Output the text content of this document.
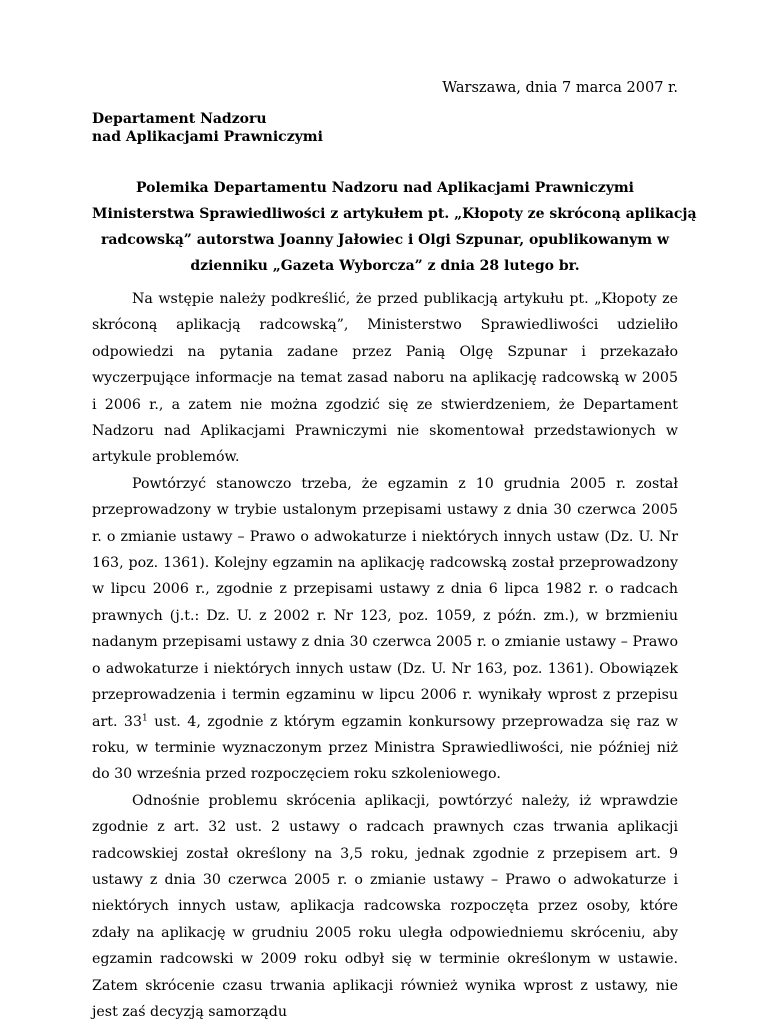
Warszawa, dnia 7 marca 2007 r.
Departament Nadzoru
nad Aplikacjami Prawniczymi
Polemika Departamentu Nadzoru nad Aplikacjami Prawniczymi
Ministerstwa Sprawiedliwości z artykułem pt. „Kłopoty ze skróconą aplikacją
radcowską” autorstwa Joanny Jałowiec i Olgi Szpunar, opublikowanym w
dzienniku „Gazeta Wyborcza” z dnia 28 lutego br.

Na wstępie należy podkreślić, że przed publikacją artykułu pt. „Kłopoty ze skróconą aplikacją radcowską”, Ministerstwo Sprawiedliwości udzieliło odpowiedzi na pytania zadane przez Panią Olgę Szpunar i przekazało wyczerpujące informacje na temat zasad naboru na aplikację radcowską w 2005 i 2006 r., a zatem nie można zgodzić się ze stwierdzeniem, że Departament Nadzoru nad Aplikacjami Prawniczymi nie skomentował przedstawionych w artykule problemów.

Powtórzyć stanowczo trzeba, że egzamin z 10 grudnia 2005 r. został przeprowadzony w trybie ustalonym przepisami ustawy z dnia 30 czerwca 2005 r. o zmianie ustawy – Prawo o adwokaturze i niektórych innych ustaw (Dz. U. Nr 163, poz. 1361). Kolejny egzamin na aplikację radcowską został przeprowadzony w lipcu 2006 r., zgodnie z przepisami ustawy z dnia 6 lipca 1982 r. o radcach prawnych (j.t.: Dz. U. z 2002 r. Nr 123, poz. 1059, z późn. zm.), w brzmieniu nadanym przepisami ustawy z dnia 30 czerwca 2005 r. o zmianie ustawy – Prawo o adwokaturze i niektórych innych ustaw (Dz. U. Nr 163, poz. 1361). Obowiązek przeprowadzenia i termin egzaminu w lipcu 2006 r. wynikały wprost z przepisu art. $33^1$ ust. 4, zgodnie z którym egzamin konkursowy przeprowadza się raz w roku, w terminie wyznaczonym przez Ministra Sprawiedliwości, nie później niż do 30 września przed rozpoczęciem roku szkoleniowego.

Odnośnie problemu skrócenia aplikacji, powtórzyć należy, iż wprawdzie zgodnie z art. 32 ust. 2 ustawy o radcach prawnych czas trwania aplikacji radcowskiej został określony na 3,5 roku, jednak zgodnie z przepisem art. 9 ustawy z dnia 30 czerwca 2005 r. o zmianie ustawy – Prawo o adwokaturze i niektórych innych ustaw, aplikacja radcowska rozpoczęta przez osoby, które zdały na aplikację w grudniu 2005 roku uległa odpowiedniemu skróceniu, aby egzamin radcowski w 2009 roku odbył się w terminie określonym w ustawie. Zatem skrócenie czasu trwania aplikacji również wynika wprost z ustawy, nie jest zaś decyzją samorządu
